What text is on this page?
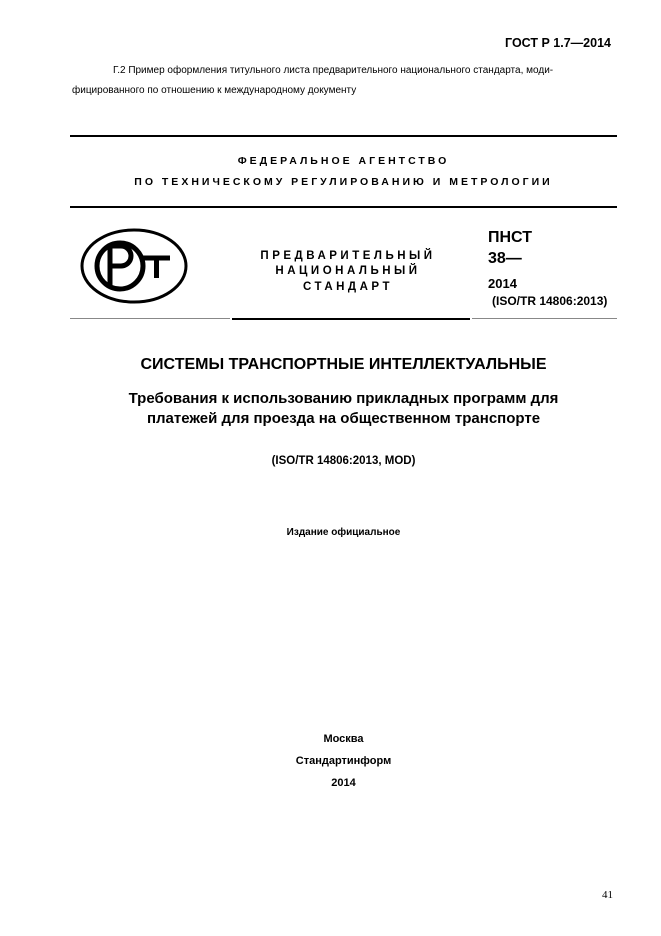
ГОСТ Р 1.7—2014
Г.2 Пример оформления титульного листа предварительного национального стандарта, моди-
фицированного по отношению к международному документу
ФЕДЕРАЛЬНОЕ АГЕНТСТВО
ПО ТЕХНИЧЕСКОМУ РЕГУЛИРОВАНИЮ И МЕТРОЛОГИИ
ПРЕДВАРИТЕЛЬНЫЙ
НАЦИОНАЛЬНЫЙ
СТАНДАРТ
ПНСТ
38—
2014
(ISO/TR 14806:2013)
СИСТЕМЫ ТРАНСПОРТНЫЕ ИНТЕЛЛЕКТУАЛЬНЫЕ
Требования к использованию прикладных программ для
платежей для проезда на общественном транспорте
(ISO/TR 14806:2013, MOD)
Издание официальное
Москва
Стандартинформ
2014
41
